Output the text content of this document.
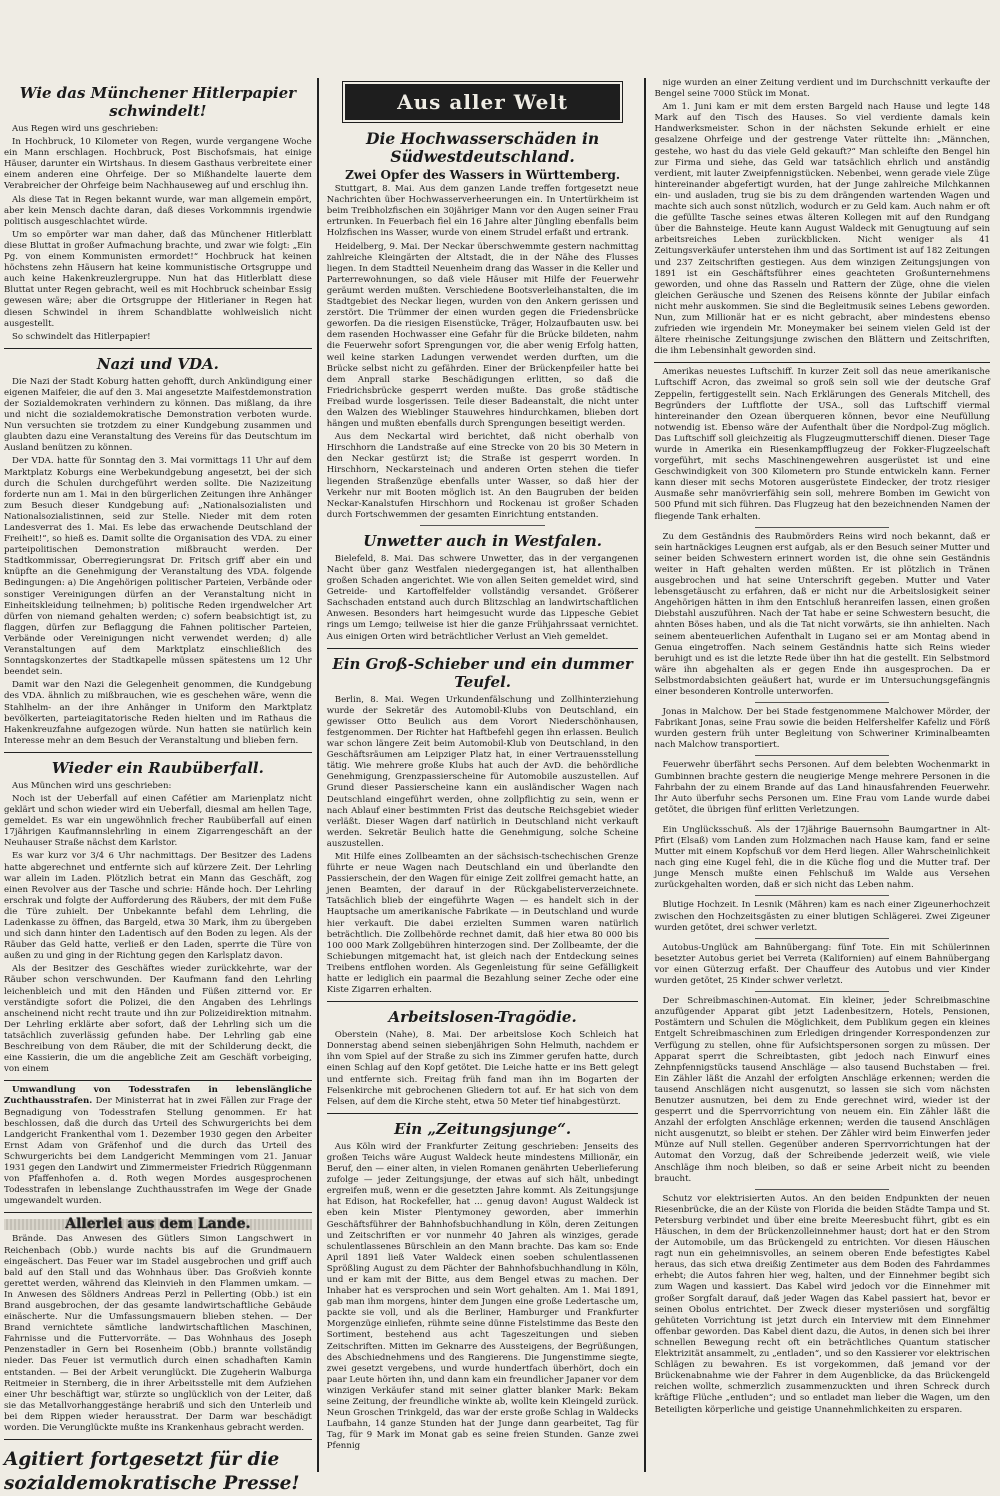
Wie das Münchener Hitlerpapier schwindelt!

Aus Regen wird uns geschrieben:

In Hochbruck, 10 Kilometer von Regen, wurde vergangene Woche ein Mann erschlagen. Hochbruck, Post Bischofsmais, hat einige Häuser, darunter ein Wirtshaus. In diesem Gasthaus verbreitete einer einem anderen eine Ohrfeige. Der so Mißhandelte lauerte dem Verabreicher der Ohrfeige beim Nachhauseweg auf und erschlug ihn.

Als diese Tat in Regen bekannt wurde, war man allgemein empört, aber kein Mensch dachte daran, daß dieses Vorkommnis irgendwie politisch ausgeschlachtet würde.

Um so empörter war man daher, daß das Münchener Hitlerblatt diese Bluttat in großer Aufmachung brachte, und zwar wie folgt: „Ein Pg. von einem Kommunisten ermordet!“ Hochbruck hat keinen höchstens zehn Häusern hat keine kommunistische Ortsgruppe und auch keine Hakenkreuzlergruppe. Nun hat das Hitlerblatt diese Bluttat unter Regen gebracht, weil es mit Hochbruck scheinbar Essig gewesen wäre; aber die Ortsgruppe der Hitlerianer in Regen hat diesen Schwindel in ihrem Schandblatte wohlweislich nicht ausgestellt.

So schwindelt das Hitlerpapier!

Nazi und VDA.

Die Nazi der Stadt Koburg hatten gehofft, durch Ankündigung einer eigenen Maifeier, die auf den 3. Mai angesetzte Maifestdemonstration der Sozialdemokraten verhindern zu können. Das mißlang, da ihre und nicht die sozialdemokratische Demonstration verboten wurde. Nun versuchten sie trotzdem zu einer Kundgebung zusammen und glaubten dazu eine Veranstaltung des Vereins für das Deutschtum im Ausland benützen zu können.

Der VDA. hatte für Sonntag den 3. Mai vormittags 11 Uhr auf dem Marktplatz Koburgs eine Werbekundgebung angesetzt, bei der sich durch die Schulen durchgeführt werden sollte. Die Nazizeitung forderte nun am 1. Mai in den bürgerlichen Zeitungen ihre Anhänger zum Besuch dieser Kundgebung auf: „Nationalsozialisten und Nationalsozialistinnen, seid zur Stelle. Nieder mit dem roten Landesverrat des 1. Mai. Es lebe das erwachende Deutschland der Freiheit!“, so hieß es. Damit sollte die Organisation des VDA. zu einer parteipolitischen Demonstration mißbraucht werden. Der Stadtkommissar, Oberregierungsrat Dr. Fritsch griff aber ein und knüpfte an die Genehmigung der Veranstaltung des VDA. folgende Bedingungen: a) Die Angehörigen politischer Parteien, Verbände oder sonstiger Vereinigungen dürfen an der Veranstaltung nicht in Einheitskleidung teilnehmen; b) politische Reden irgendwelcher Art dürfen von niemand gehalten werden; c) sofern beabsichtigt ist, zu flaggen, dürfen zur Beflaggung die Fahnen politischer Parteien, Verbände oder Vereinigungen nicht verwendet werden; d) alle Veranstaltungen auf dem Marktplatz einschließlich des Sonntagskonzertes der Stadtkapelle müssen spätestens um 12 Uhr beendet sein.

Damit war den Nazi die Gelegenheit genommen, die Kundgebung des VDA. ähnlich zu mißbrauchen, wie es geschehen wäre, wenn die Stahlhelm- an der ihre Anhänger in Uniform den Marktplatz bevölkerten, parteiagitatorische Reden hielten und im Rathaus die Hakenkreuzfahne aufgezogen würde. Nun hatten sie natürlich kein Interesse mehr an dem Besuch der Veranstaltung und blieben fern.

Wieder ein Raubüberfall.

Aus München wird uns geschrieben:

Noch ist der Ueberfall auf einen Cafétier am Marienplatz nicht geklärt und schon wieder wird ein Ueberfall, diesmal am hellen Tage, gemeldet. Es war ein ungewöhnlich frecher Raubüberfall auf einen 17jährigen Kaufmannslehrling in einem Zigarrengeschäft an der Neuhauser Straße nächst dem Karlstor.

Es war kurz vor 3/4 6 Uhr nachmittags. Der Besitzer des Ladens hatte abgerechnet und entfernte sich auf kürzere Zeit. Der Lehrling war allein im Laden. Plötzlich betrat ein Mann das Geschäft, zog einen Revolver aus der Tasche und schrie: Hände hoch. Der Lehrling erschrak und folgte der Aufforderung des Räubers, der mit dem Fuße die Türe zuhielt. Der Unbekannte befahl dem Lehrling, die Ladenkasse zu öffnen, das Bargeld, etwa 30 Mark, ihm zu übergeben und sich dann hinter den Ladentisch auf den Boden zu legen. Als der Räuber das Geld hatte, verließ er den Laden, sperrte die Türe von außen zu und ging in der Richtung gegen den Karlsplatz davon.

Als der Besitzer des Geschäftes wieder zurückkehrte, war der Räuber schon verschwunden. Der Kaufmann fand den Lehrling leichenbleich und mit den Händen und Füßen zitternd vor. Er verständigte sofort die Polizei, die den Angaben des Lehrlings anscheinend nicht recht traute und ihn zur Polizeidirektion mitnahm. Der Lehrling erklärte aber sofort, daß der Lehrling sich um die tatsächlich zuverlässig gefunden habe. Der Lehrling gab eine Beschreibung von dem Räuber, die mit der Schilderung deckt, die eine Kassierin, die um die angebliche Zeit am Geschäft vorbeiging, von einem

Umwandlung von Todesstrafen in lebenslängliche Zuchthausstrafen. Der Ministerrat hat in zwei Fällen zur Frage der Begnadigung von Todesstrafen Stellung genommen. Er hat beschlossen, daß die durch das Urteil des Schwurgerichts bei dem Landgericht Frankenthal vom 1. Dezember 1930 gegen den Arbeiter Ernst Adam von Gräfenhof und die durch das Urteil des Schwurgerichts bei dem Landgericht Memmingen vom 21. Januar 1931 gegen den Landwirt und Zimmermeister Friedrich Rüggenmann von Pfaffenhofen a. d. Roth wegen Mordes ausgesprochenen Todesstrafen in lebenslange Zuchthausstrafen im Wege der Gnade umgewandelt wurden.

Allerlei aus dem Lande.

Brände. Das Anwesen des Gütlers Simon Langschwert in Reichenbach (Obb.) wurde nachts bis auf die Grundmauern eingeäschert. Das Feuer war im Stadel ausgebrochen und griff auch bald auf den Stall und das Wohnhaus über. Das Großvieh konnte gerettet werden, während das Kleinvieh in den Flammen umkam. — In Anwesen des Söldners Andreas Perzl in Pellerting (Obb.) ist ein Brand ausgebrochen, der das gesamte landwirtschaftliche Gebäude einäscherte. Nur die Umfassungsmauern blieben stehen. — Der Brand vernichtete sämtliche landwirtschaftlichen Maschinen, Fahrnisse und die Futtervorräte. — Das Wohnhaus des Joseph Penzenstadler in Gern bei Rosenheim (Obb.) brannte vollständig nieder. Das Feuer ist vermutlich durch einen schadhaften Kamin entstanden. — Bei der Arbeit verunglückt. Die Zugeherin Walburga Reitmeier in Sternberg, die in ihrer Arbeitsstelle mit dem Aufziehen einer Uhr beschäftigt war, stürzte so unglücklich von der Leiter, daß sie das Metallvorhanggestänge herabriß und sich den Unterleib und bei dem Rippen wieder herausstrat. Der Darm war beschädigt worden. Die Verunglückte mußte ins Krankenhaus gebracht werden.

Agitiert fortgesetzt für die
sozialdemokratische Presse!
Aus aller Welt
Die Hochwasserschäden in Südwestdeutschland.
Zwei Opfer des Wassers in Württemberg.

Stuttgart, 8. Mai. Aus dem ganzen Lande treffen fortgesetzt neue Nachrichten über Hochwasserverheerungen ein. In Untertürkheim ist beim Treibholzfischen ein 30jähriger Mann vor den Augen seiner Frau ertrunken. In Feuerbach fiel ein 16 Jahre alter Jüngling ebenfalls beim Holzfischen ins Wasser, wurde von einem Strudel erfaßt und ertrank.

Heidelberg, 9. Mai. Der Neckar überschwemmte gestern nachmittag zahlreiche Kleingärten der Altstadt, die in der Nähe des Flusses liegen. In dem Stadtteil Neuenheim drang das Wasser in die Keller und Parterrewohnungen, so daß viele Häuser mit Hilfe der Feuerwehr geräumt werden mußten. Verschiedene Bootsverleihanstalten, die im Stadtgebiet des Neckar liegen, wurden von den Ankern gerissen und zerstört. Die Trümmer der einen wurden gegen die Friedensbrücke geworfen. Da die riesigen Eisenstücke, Träger, Holzaufbauten usw. bei dem rasenden Hochwasser eine Gefahr für die Brücke bildeten, nahm die Feuerwehr sofort Sprengungen vor, die aber wenig Erfolg hatten, weil keine starken Ladungen verwendet werden durften, um die Brücke selbst nicht zu gefährden. Einer der Brückenpfeiler hatte bei dem Anprall starke Beschädigungen erlitten, so daß die Friedrichsbrücke gesperrt werden mußte. Das große städtische Freibad wurde losgerissen. Teile dieser Badeanstalt, die nicht unter den Walzen des Wieblinger Stauwehres hindurchkamen, blieben dort hängen und mußten ebenfalls durch Sprengungen beseitigt werden.

Aus dem Neckartal wird berichtet, daß nicht oberhalb von Hirschhorn die Landstraße auf eine Strecke von 20 bis 30 Metern in den Neckar gestürzt ist; die Straße ist gesperrt worden. In Hirschhorn, Neckarsteinach und anderen Orten stehen die tiefer liegenden Straßenzüge ebenfalls unter Wasser, so daß hier der Verkehr nur mit Booten möglich ist. An den Baugruben der beiden Neckar-Kanalstufen Hirschhorn und Rockenau ist großer Schaden durch Fortschwemmen der gesamten Einrichtung entstanden.

Unwetter auch in Westfalen.

Bielefeld, 8. Mai. Das schwere Unwetter, das in der vergangenen Nacht über ganz Westfalen niedergegangen ist, hat allenthalben großen Schaden angerichtet. Wie von allen Seiten gemeldet wird, sind Getreide- und Kartoffelfelder vollständig versandet. Größerer Sachschaden entstand auch durch Blitzschlag an landwirtschaftlichen Anwesen. Besonders hart heimgesucht wurde das Lippesche Gebiet rings um Lemgo; teilweise ist hier die ganze Frühjahrssaat vernichtet. Aus einigen Orten wird beträchtlicher Verlust an Vieh gemeldet.

Ein Groß-Schieber und ein dummer Teufel.

Berlin, 8. Mai. Wegen Urkundenfälschung und Zollhinterziehung wurde der Sekretär des Automobil-Klubs von Deutschland, ein gewisser Otto Beulich aus dem Vorort Niederschönhausen, festgenommen. Der Richter hat Haftbefehl gegen ihn erlassen. Beulich war schon längere Zeit beim Automobil-Klub von Deutschland, in den Geschäftsräumen am Leipziger Platz hat, in einer Vertrauensstellung tätig. Wie mehrere große Klubs hat auch der AvD. die behördliche Genehmigung, Grenzpassierscheine für Automobile auszustellen. Auf Grund dieser Passierscheine kann ein ausländischer Wagen nach Deutschland eingeführt werden, ohne zollpflichtig zu sein, wenn er nach Ablauf einer bestimmten Frist das deutsche Reichsgebiet wieder verläßt. Dieser Wagen darf natürlich in Deutschland nicht verkauft werden. Sekretär Beulich hatte die Genehmigung, solche Scheine auszustellen.

Mit Hilfe eines Zollbeamten an der sächsisch-tschechischen Grenze führte er neue Wagen nach Deutschland ein und überlandte den Passierschein, der den Wagen für einige Zeit zollfrei gemacht hatte, an jenen Beamten, der darauf in der Rückgabelisterverzeichnete. Tatsächlich blieb der eingeführte Wagen — es handelt sich in der Hauptsache um amerikanische Fabrikate — in Deutschland und wurde hier verkauft. Die dabei erzielten Summen waren natürlich beträchtlich. Die Zollbehörde rechnet damit, daß hier etwa 80 000 bis 100 000 Mark Zollgebühren hinterzogen sind. Der Zollbeamte, der die Schiebungen mitgemacht hat, ist gleich nach der Entdeckung seines Treibens entflohen worden. Als Gegenleistung für seine Gefälligkeit hatte er lediglich ein paarmal die Bezahlung seiner Zeche oder eine Kiste Zigarren erhalten.

Arbeitslosen-Tragödie.

Oberstein (Nahe), 8. Mai. Der arbeitslose Koch Schleich hat Donnerstag abend seinen siebenjährigen Sohn Helmuth, nachdem er ihn vom Spiel auf der Straße zu sich ins Zimmer gerufen hatte, durch einen Schlag auf den Kopf getötet. Die Leiche hatte er ins Bett gelegt und entfernte sich. Freitag früh fand man ihn im Bogarten der Felsenkirche mit gebrochenen Gliedern tot auf. Er hat sich von dem Felsen, auf dem die Kirche steht, etwa 50 Meter tief hinabgestürzt.

Ein „Zeitungsjunge“.

Aus Köln wird der Frankfurter Zeitung geschrieben: Jenseits des großen Teichs wäre August Waldeck heute mindestens Millionär, ein Beruf, den — einer alten, in vielen Romanen genährten Ueberlieferung zufolge — jeder Zeitungsjunge, der etwas auf sich hält, unbedingt ergreifen muß, wenn er die gesetzten Jahre kommt. Als Zeitungsjunge hat Edison, hat Rockefeller, hat ... genug davon! August Waldeck ist eben kein Mister Plentymoney geworden, aber immerhin Geschäftsführer der Bahnhofsbuchhandlung in Köln, deren Zeitungen und Zeitschriften er vor nunmehr 40 Jahren als winziges, gerade schulentlassenes Bürschlein an den Mann brachte. Das kam so: Ende April 1891 ließ Vater Waldeck einen soeben schulentlassenen Sprößling August zu dem Pächter der Bahnhofsbuchhandlung in Köln, und er kam mit der Bitte, aus dem Bengel etwas zu machen. Der Inhaber hat es versprochen und sein Wort gehalten. Am 1. Mai 1891, gab man ihm morgens, hinter dem Jungen eine große Ledertasche um, packte sie voll, und als die Berliner, Hamburger und Frankfurter Morgenzüge einliefen, rühmte seine dünne Fistelstimme das Beste den Sortiment, bestehend aus acht Tageszeitungen und sieben Zeitschriften. Mitten im Geknarre des Aussteigens, der Begrüßungen, des Abschiednehmens und des Rangierens. Die Jungenstimme siegte, zwei gesetzt vergebens, und wurde hundertfach überhört, doch ein paar Leute hörten ihn, und dann kam ein freundlicher Japaner vor dem winzigen Verkäufer stand mit seiner glatter blanker Mark: Bekam seine Zeitung, der freundliche winkte ab, wollte kein Kleingeld zurück. Neun Groschen Trinkgeld, das war der erste große Schlag in Waldecks Laufbahn, 14 ganze Stunden hat der Junge dann gearbeitet, Tag für Tag, für 9 Mark im Monat gab es seine freien Stunden. Ganze zwei Pfennig

nige wurden an einer Zeitung verdient und im Durchschnitt verkaufte der Bengel seine 7000 Stück im Monat.

Am 1. Juni kam er mit dem ersten Bargeld nach Hause und legte 148 Mark auf den Tisch des Hauses. So viel verdiente damals kein Handwerksmeister. Schon in der nächsten Sekunde erhielt er eine gesalzene Ohrfeige und der gestrenge Vater rüttelte ihn: „Männchen, gestehe, wo hast du das viele Geld gekauft?“ Man schleifte den Bengel hin zur Firma und siehe, das Geld war tatsächlich ehrlich und anständig verdient, mit lauter Zweipfennigstücken. Nebenbei, wenn gerade viele Züge hintereinander abgefertigt wurden, hat der Junge zahlreiche Milchkannen ein- und ausladen, trug sie bis zu dem drängenden wartenden Wagen und machte sich auch sonst nützlich, wodurch er zu Geld kam. Auch nahm er oft die gefüllte Tasche seines etwas älteren Kollegen mit auf den Rundgang über die Bahnsteige. Heute kann August Waldeck mit Genugtuung auf sein arbeitsreiches Leben zurückblicken. Nicht weniger als 41 Zeitungsverkäufer unterstehen ihm und das Sortiment ist auf 182 Zeitungen und 237 Zeitschriften gestiegen. Aus dem winzigen Zeitungsjungen von 1891 ist ein Geschäftsführer eines geachteten Großunternehmens geworden, und ohne das Rasseln und Rattern der Züge, ohne die vielen gleichen Geräusche und Szenen des Reisens könnte der Jubilar einfach nicht mehr auskommen. Sie sind die Begleitmusik seines Lebens geworden. Nun, zum Millionär hat er es nicht gebracht, aber mindestens ebenso zufrieden wie irgendein Mr. Moneymaker bei seinem vielen Geld ist der ältere rheinische Zeitungsjunge zwischen den Blättern und Zeitschriften, die ihm Lebensinhalt geworden sind.

Amerikas neuestes Luftschiff. In kurzer Zeit soll das neue amerikanische Luftschiff Acron, das zweimal so groß sein soll wie der deutsche Graf Zeppelin, fertiggestellt sein. Nach Erklärungen des Generals Mitchell, des Begründers der Luftflotte der USA., soll das Luftschiff viermal hintereinander den Ozean überqueren können, bevor eine Neufüllung notwendig ist. Ebenso wäre der Aufenthalt über die Nordpol-Zug möglich. Das Luftschiff soll gleichzeitig als Flugzeugmutterschiff dienen. Dieser Tage wurde in Amerika ein Riesenkampfflugzeug der Fokker-Flugzeelschaft vorgeführt, mit sechs Maschinengewehren ausgerüstet ist und eine Geschwindigkeit von 300 Kilometern pro Stunde entwickeln kann. Ferner kann dieser mit sechs Motoren ausgerüstete Eindecker, der trotz riesiger Ausmaße sehr manövrierfähig sein soll, mehrere Bomben im Gewicht von 500 Pfund mit sich führen. Das Flugzeug hat den bezeichnenden Namen der fliegende Tank erhalten.

Zu dem Geständnis des Raubmörders Reins wird noch bekannt, daß er sein hartnäckiges Leugnen erst aufgab, als er den Besuch seiner Mutter und seiner beiden Schwestern erinnert worden ist, die ohne sein Geständnis weiter in Haft gehalten werden müßten. Er ist plötzlich in Tränen ausgebrochen und hat seine Unterschrift gegeben. Mutter und Vater lebensgetäuscht zu erfahren, daß er nicht nur die Arbeitslosigkeit seiner Angehörigen hätten in ihm den Entschluß heranreifen lassen, einen großen Diebstahl auszuführen. Nach der Tat habe er seine Schwestern besucht, die ahnten Böses haben, und als die Tat nicht vorwärts, sie ihn anhielten. Nach seinem abenteuerlichen Aufenthalt in Lugano sei er am Montag abend in Genua eingetroffen. Nach seinem Geständnis hatte sich Reins wieder beruhigt und es ist die letzte Rede über ihn hat die gestellt. Ein Selbstmord wäre ihn abgehalten als er gegen Ende ihn ausgesprochen. Da er Selbstmordabsichten geäußert hat, wurde er im Untersuchungsgefängnis einer besonderen Kontrolle unterworfen.

Jonas in Malchow. Der bei Stade festgenommene Malchower Mörder, der Fabrikant Jonas, seine Frau sowie die beiden Helfershelfer Kafeliz und Förß wurden gestern früh unter Begleitung von Schweriner Kriminalbeamten nach Malchow transportiert.

Feuerwehr überfährt sechs Personen. Auf dem belebten Wochenmarkt in Gumbinnen brachte gestern die neugierige Menge mehrere Personen in die Fahrbahn der zu einem Brande auf das Land hinausfahrenden Feuerwehr. Ihr Auto überfuhr sechs Personen um. Eine Frau vom Lande wurde dabei getötet, die übrigen fünf erlitten Verletzungen.

Ein Unglücksschuß. Als der 17jährige Bauernsohn Baumgartner in Alt-Pfirt (Elsaß) vom Landen zum Holzmachen nach Hause kam, fand er seine Mutter mit einem Kopfschuß vor dem Herd liegen. Aller Wahrscheinlichkeit nach ging eine Kugel fehl, die in die Küche flog und die Mutter traf. Der junge Mensch mußte einen Fehlschuß im Walde aus Versehen zurückgehalten worden, daß er sich nicht das Leben nahm.

Blutige Hochzeit. In Lesnik (Mähren) kam es nach einer Zigeunerhochzeit zwischen den Hochzeitsgästen zu einer blutigen Schlägerei. Zwei Zigeuner wurden getötet, drei schwer verletzt.

Autobus-Unglück am Bahnübergang: fünf Tote. Ein mit Schülerinnen besetzter Autobus geriet bei Verreta (Kalifornien) auf einem Bahnübergang vor einen Güterzug erfaßt. Der Chauffeur des Autobus und vier Kinder wurden getötet, 25 Kinder schwer verletzt.

Der Schreibmaschinen-Automat. Ein kleiner, jeder Schreibmaschine anzufügender Apparat gibt jetzt Ladenbesitzern, Hotels, Pensionen, Postämtern und Schulen die Möglichkeit, dem Publikum gegen ein kleines Entgelt Schreibmaschinen zum Erledigen dringender Korrespondenzen zur Verfügung zu stellen, ohne für Aufsichtspersonen sorgen zu müssen. Der Apparat sperrt die Schreibtasten, gibt jedoch nach Einwurf eines Zehnpfennigstücks tausend Anschläge — also tausend Buchstaben — frei. Ein Zähler läßt die Anzahl der erfolgten Anschläge erkennen; werden die tausend Anschlägen nicht ausgenutzt, so lassen sie sich vom nächsten Benutzer ausnutzen, bei dem zu Ende gerechnet wird, wieder ist der gesperrt und die Sperrvorrichtung von neuem ein. Ein Zähler läßt die Anzahl der erfolgten Anschläge erkennen; werden die tausend Anschlägen nicht ausgenutzt, so bleibt er stehen. Der Zähler wird beim Einwerfen jeder Münze auf Null stellen. Gegenüber anderen Sperrvorrichtungen hat der Automat den Vorzug, daß der Schreibende jederzeit weiß, wie viele Anschläge ihm noch bleiben, so daß er seine Arbeit nicht zu beenden braucht.

Schutz vor elektrisierten Autos. An den beiden Endpunkten der neuen Riesenbrücke, die an der Küste von Florida die beiden Städte Tampa und St. Petersburg verbindet und über eine breite Meeresbucht führt, gibt es ein Häuschen, in dem der Brückenzolleinnehmer haust; dort hat er den Strom der Automobile, um das Brückengeld zu entrichten. Vor diesen Häuschen ragt nun ein geheimnisvolles, an seinem oberen Ende befestigtes Kabel heraus, das sich etwa dreißig Zentimeter aus dem Boden des Fahrdammes erhebt; die Autos fahren hier weg, halten, und der Einnehmer begibt sich zum Wagen und kassiert. Das Kabel wird jedoch vor die Einnehmer mit großer Sorgfalt darauf, daß jeder Wagen das Kabel passiert hat, bevor er seinen Obolus entrichtet. Der Zweck dieser mysteriösen und sorgfältig gehüteten Vorrichtung ist jetzt durch ein Interview mit dem Einnehmer offenbar geworden. Das Kabel dient dazu, die Autos, in denen sich bei ihrer schnellen Bewegung recht oft ein beträchtliches Quantum statischer Elektrizität ansammelt, zu „entladen“, und so den Kassierer vor elektrischen Schlägen zu bewahren. Es ist vorgekommen, daß jemand vor der Brückenabnahme wie der Fahrer in dem Augenblicke, da das Brückengeld reichen wollte, schmerzlich zusammenzuckten und ihren Schreck durch kräftige Flüche „entluden“; und so entladet man lieber die Wagen, um den Beteiligten körperliche und geistige Unannehmlichkeiten zu ersparen.
